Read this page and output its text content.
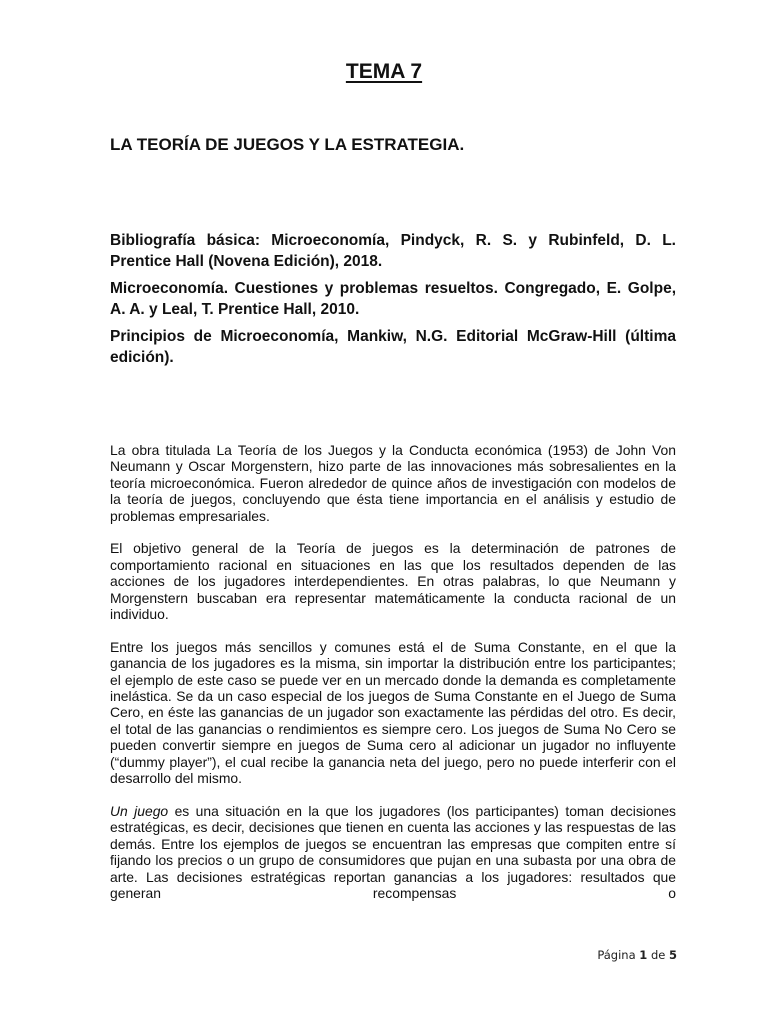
TEMA 7
LA TEORÍA DE JUEGOS Y LA ESTRATEGIA.

Bibliografía básica: Microeconomía, Pindyck, R. S. y Rubinfeld, D. L. Prentice Hall (Novena Edición), 2018.

Microeconomía. Cuestiones y problemas resueltos. Congregado, E. Golpe, A. A. y Leal, T. Prentice Hall, 2010.

Principios de Microeconomía, Mankiw, N.G. Editorial McGraw-Hill (última edición).

La obra titulada La Teoría de los Juegos y la Conducta económica (1953) de John Von Neumann y Oscar Morgenstern, hizo parte de las innovaciones más sobresalientes en la teoría microeconómica. Fueron alrededor de quince años de investigación con modelos de la teoría de juegos, concluyendo que ésta tiene importancia en el análisis y estudio de problemas empresariales.

El objetivo general de la Teoría de juegos es la determinación de patrones de comportamiento racional en situaciones en las que los resultados dependen de las acciones de los jugadores interdependientes. En otras palabras, lo que Neumann y Morgenstern buscaban era representar matemáticamente la conducta racional de un individuo.

Entre los juegos más sencillos y comunes está el de Suma Constante, en el que la ganancia de los jugadores es la misma, sin importar la distribución entre los participantes; el ejemplo de este caso se puede ver en un mercado donde la demanda es completamente inelástica. Se da un caso especial de los juegos de Suma Constante en el Juego de Suma Cero, en éste las ganancias de un jugador son exactamente las pérdidas del otro. Es decir, el total de las ganancias o rendimientos es siempre cero. Los juegos de Suma No Cero se pueden convertir siempre en juegos de Suma cero al adicionar un jugador no influyente (“dummy player”), el cual recibe la ganancia neta del juego, pero no puede interferir con el desarrollo del mismo.

Un juego es una situación en la que los jugadores (los participantes) toman decisiones estratégicas, es decir, decisiones que tienen en cuenta las acciones y las respuestas de las demás. Entre los ejemplos de juegos se encuentran las empresas que compiten entre sí fijando los precios o un grupo de consumidores que pujan en una subasta por una obra de arte. Las decisiones estratégicas reportan ganancias a los jugadores: resultados que generan recompensas o

Página 1 de 5
